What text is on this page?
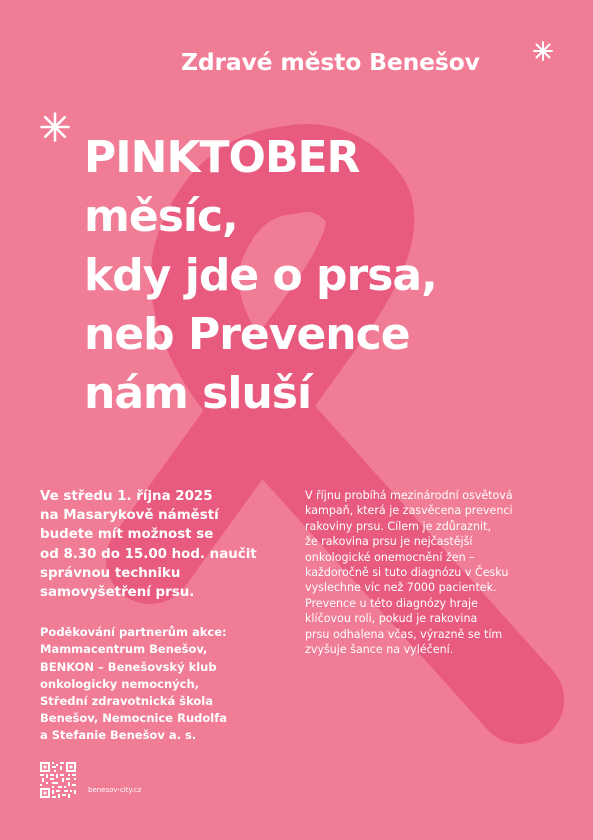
Zdravé město Benešov
PINKTOBER
měsíc,
kdy jde o prsa,
neb Prevence
nám sluší
Ve středu 1. října 2025
na Masarykově náměstí
budete mít možnost se
od 8.30 do 15.00 hod. naučit
správnou techniku
samovyšetření prsu.
Poděkování partnerům akce:
Mammacentrum Benešov,
BENKON – Benešovský klub
onkologicky nemocných,
Střední zdravotnická škola
Benešov, Nemocnice Rudolfa
a Stefanie Benešov a. s.
V říjnu probíhá mezinárodní osvětová
kampaň, která je zasvěcena prevenci
rakoviny prsu. Cílem je zdůraznit,
že rakovina prsu je nejčastější
onkologické onemocnění žen –
každoročně si tuto diagnózu v Česku
vyslechne víc než 7000 pacientek.
Prevence u této diagnózy hraje
klíčovou roli, pokud je rakovina
prsu odhalena včas, výrazně se tím
zvyšuje šance na vyléčení.
benesov-city.cz
